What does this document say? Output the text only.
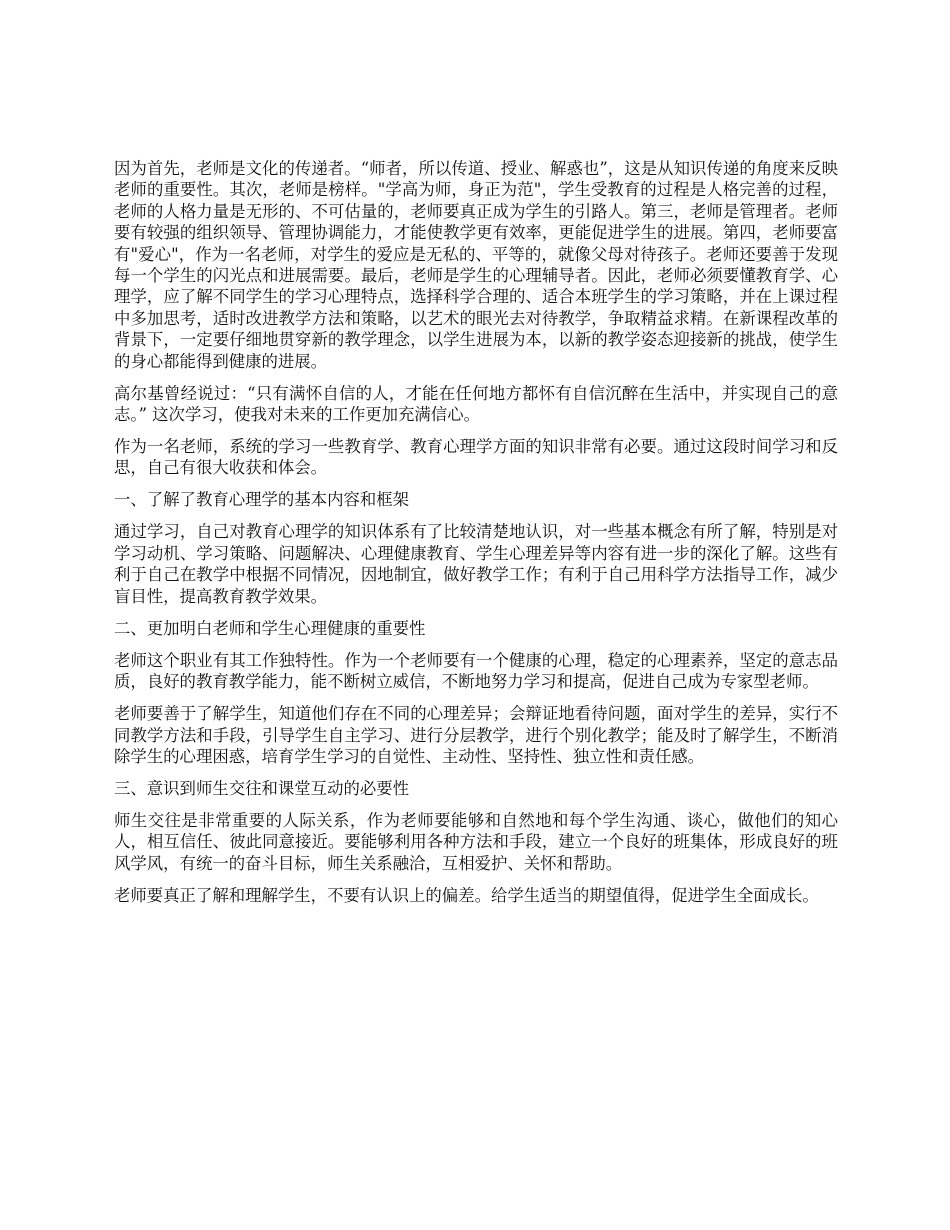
因为首先，老师是文化的传递者。“师者，所以传道、授业、解惑也”，这是从知识传递的角度来反映老师的重要性。其次，老师是榜样。"学高为师，身正为范"，学生受教育的过程是人格完善的过程，老师的人格力量是无形的、不可估量的，老师要真正成为学生的引路人。第三，老师是管理者。老师要有较强的组织领导、管理协调能力，才能使教学更有效率，更能促进学生的进展。第四，老师要富有"爱心"，作为一名老师，对学生的爱应是无私的、平等的，就像父母对待孩子。老师还要善于发现每一个学生的闪光点和进展需要。最后，老师是学生的心理辅导者。因此，老师必须要懂教育学、心理学，应了解不同学生的学习心理特点，选择科学合理的、适合本班学生的学习策略，并在上课过程中多加思考，适时改进教学方法和策略，以艺术的眼光去对待教学，争取精益求精。在新课程改革的背景下，一定要仔细地贯穿新的教学理念，以学生进展为本，以新的教学姿态迎接新的挑战，使学生的身心都能得到健康的进展。

高尔基曾经说过：“只有满怀自信的人，才能在任何地方都怀有自信沉醉在生活中，并实现自己的意志。” 这次学习，使我对未来的工作更加充满信心。

作为一名老师，系统的学习一些教育学、教育心理学方面的知识非常有必要。通过这段时间学习和反思，自己有很大收获和体会。

一、了解了教育心理学的基本内容和框架

通过学习，自己对教育心理学的知识体系有了比较清楚地认识，对一些基本概念有所了解，特别是对学习动机、学习策略、问题解决、心理健康教育、学生心理差异等内容有进一步的深化了解。这些有利于自己在教学中根据不同情况，因地制宜，做好教学工作；有利于自己用科学方法指导工作，减少盲目性，提高教育教学效果。

二、更加明白老师和学生心理健康的重要性

老师这个职业有其工作独特性。作为一个老师要有一个健康的心理，稳定的心理素养，坚定的意志品质，良好的教育教学能力，能不断树立威信，不断地努力学习和提高，促进自己成为专家型老师。

老师要善于了解学生，知道他们存在不同的心理差异；会辩证地看待问题，面对学生的差异，实行不同教学方法和手段，引导学生自主学习、进行分层教学，进行个别化教学；能及时了解学生，不断消除学生的心理困惑，培育学生学习的自觉性、主动性、坚持性、独立性和责任感。

三、意识到师生交往和课堂互动的必要性

师生交往是非常重要的人际关系，作为老师要能够和自然地和每个学生沟通、谈心，做他们的知心人，相互信任、彼此同意接近。要能够利用各种方法和手段，建立一个良好的班集体，形成良好的班风学风，有统一的奋斗目标，师生关系融洽，互相爱护、关怀和帮助。

老师要真正了解和理解学生，不要有认识上的偏差。给学生适当的期望值得，促进学生全面成长。
